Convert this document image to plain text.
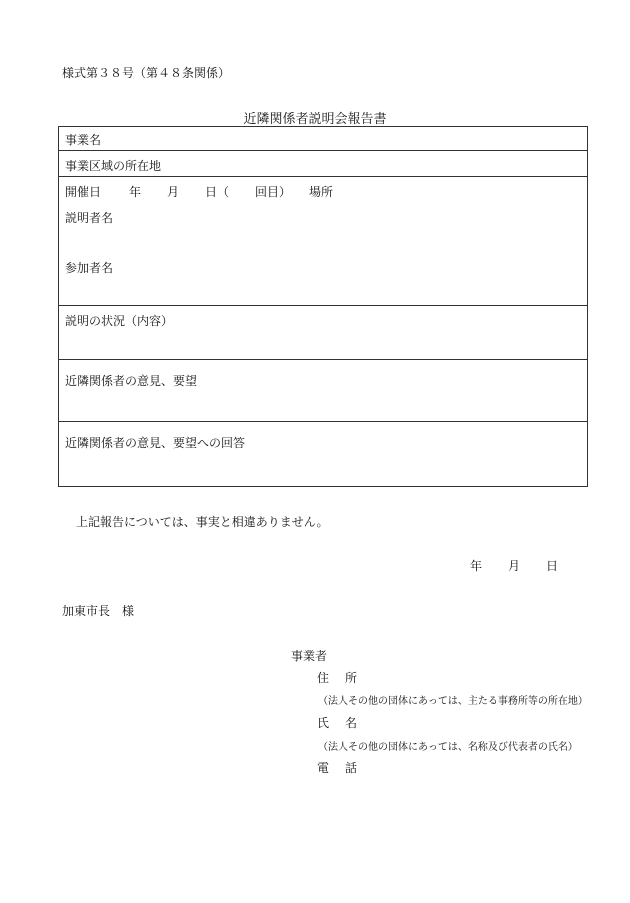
様式第３８号（第４８条関係）
近隣関係者説明会報告書
事業名
事業区域の所在地
開催日 年 月 日（ 回目） 場所
説明者名
参加者名
説明の状況（内容）
近隣関係者の意見、要望
近隣関係者の意見、要望への回答
上記報告については、事実と相違ありません。
年 月 日
加東市長　様
事業者
住　所
（法人その他の団体にあっては、主たる事務所等の所在地）
氏　名
（法人その他の団体にあっては、名称及び代表者の氏名）
電　話
